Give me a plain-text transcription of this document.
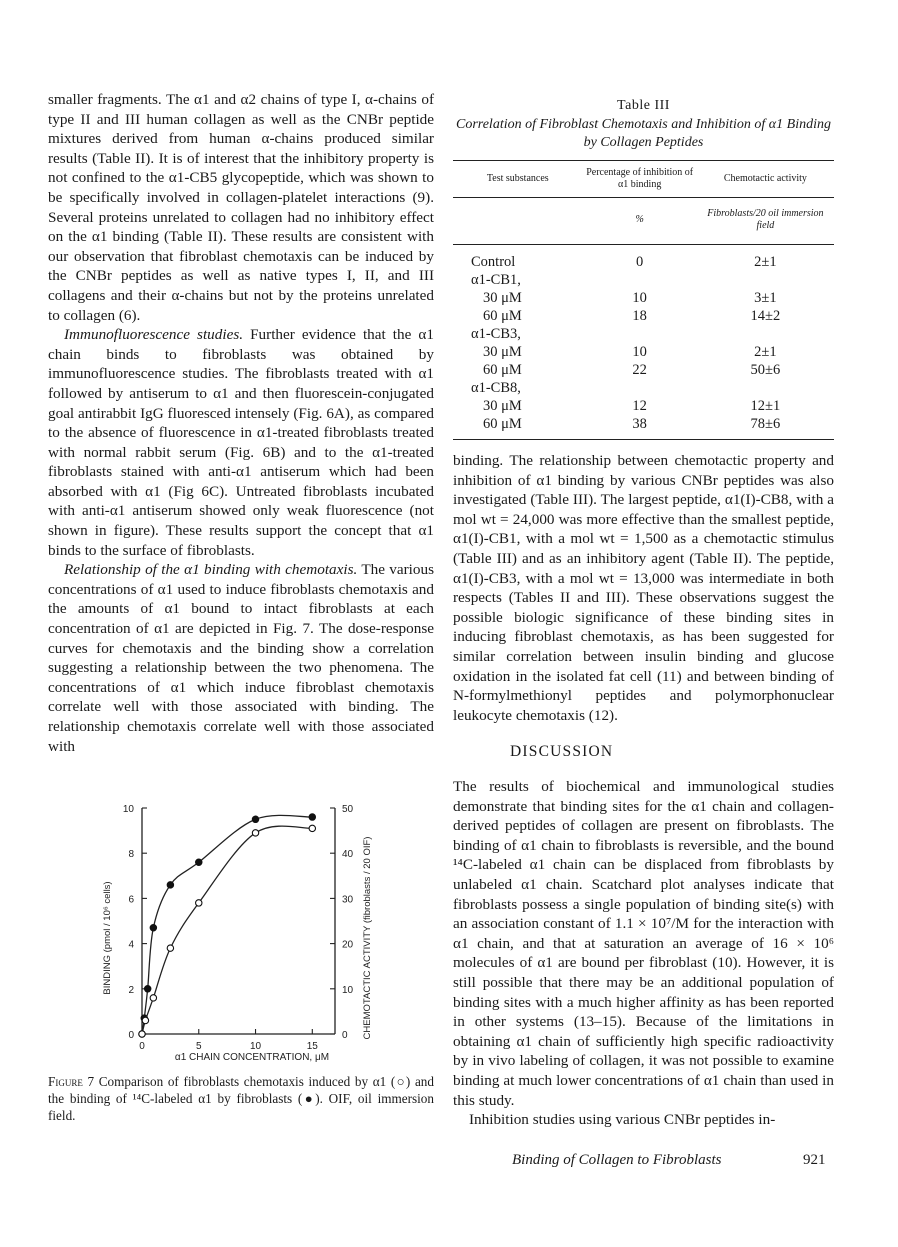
smaller fragments. The α1 and α2 chains of type I, α-chains of type II and III human collagen as well as the CNBr peptide mixtures derived from human α-chains produced similar results (Table II). It is of interest that the inhibitory property is not confined to the α1-CB5 glycopeptide, which was shown to be specifically involved in collagen-platelet interactions (9). Several proteins unrelated to collagen had no inhibitory effect on the α1 binding (Table II). These results are consistent with our observation that fibroblast chemotaxis can be induced by the CNBr peptides as well as native types I, II, and III collagens and their α-chains but not by the proteins unrelated to collagen (6).

Immunofluorescence studies. Further evidence that the α1 chain binds to fibroblasts was obtained by immunofluorescence studies. The fibroblasts treated with α1 followed by antiserum to α1 and then fluorescein-conjugated goal antirabbit IgG fluoresced intensely (Fig. 6A), as compared to the absence of fluorescence in α1-treated fibroblasts treated with normal rabbit serum (Fig. 6B) and to the α1-treated fibroblasts stained with anti-α1 antiserum which had been absorbed with α1 (Fig 6C). Untreated fibroblasts incubated with anti-α1 antiserum showed only weak fluorescence (not shown in figure). These results support the concept that α1 binds to the surface of fibroblasts.

Relationship of the α1 binding with chemotaxis. The various concentrations of α1 used to induce fibroblasts chemotaxis and the amounts of α1 bound to intact fibroblasts at each concentration of α1 are depicted in Fig. 7. The dose-response curves for chemotaxis and the binding show a correlation suggesting a relationship between the two phenomena. The concentrations of α1 which induce fibroblast chemotaxis correlate well with those associated with binding. The relationship chemotaxis correlate well with those associated with

Table III
Correlation of Fibroblast Chemotaxis and Inhibition of α1 Binding by Collagen Peptides
Test substances	Percentage of inhibition of α1 binding	Chemotactic activity
	%	Fibroblasts/20 oil immersion field
Control	0	2±1
α1-CB1,		
30 μM	10	3±1
60 μM	18	14±2
α1-CB3,		
30 μM	10	2±1
60 μM	22	50±6
α1-CB8,		
30 μM	12	12±1
60 μM	38	78±6

binding. The relationship between chemotactic property and inhibition of α1 binding by various CNBr peptides was also investigated (Table III). The largest peptide, α1(I)-CB8, with a mol wt = 24,000 was more effective than the smallest peptide, α1(I)-CB1, with a mol wt = 1,500 as a chemotactic stimulus (Table III) and as an inhibitory agent (Table II). The peptide, α1(I)-CB3, with a mol wt = 13,000 was intermediate in both respects (Tables II and III). These observations suggest the possible biologic significance of these binding sites in inducing fibroblast chemotaxis, as has been suggested for similar correlation between insulin binding and glucose oxidation in the isolated fat cell (11) and between binding of N-formylmethionyl peptides and polymorphonuclear leukocyte chemotaxis (12).

DISCUSSION

The results of biochemical and immunological studies demonstrate that binding sites for the α1 chain and collagen-derived peptides of collagen are present on fibroblasts. The binding of α1 chain to fibroblasts is reversible, and the bound ¹⁴C-labeled α1 chain can be displaced from fibroblasts by unlabeled α1 chain. Scatchard plot analyses indicate that fibroblasts possess a single population of binding site(s) with an association constant of 1.1 × 10⁷/M for the interaction with α1 chain, and that at saturation an average of 16 × 10⁶ molecules of α1 are bound per fibroblast (10). However, it is still possible that there may be an additional population of binding sites with a much higher affinity as has been reported in other systems (13–15). Because of the limitations in obtaining α1 chain of sufficiently high specific radioactivity by in vivo labeling of collagen, it was not possible to examine binding at much lower concentrations of α1 chain than used in this study.

Inhibition studies using various CNBr peptides in-

0
2
4
6
8
10
0
10
20
30
40
50
0	5	10	15
α1 CHAIN CONCENTRATION, μM
BINDING (pmol / 10⁶ cells)	CHEMOTACTIC ACTIVITY (fibroblasts / 20 OIF)
Figure 7 Comparison of fibroblasts chemotaxis induced by α1 (○) and the binding of ¹⁴C-labeled α1 by fibroblasts (●). OIF, oil immersion field.
Binding of Collagen to Fibroblasts	921
